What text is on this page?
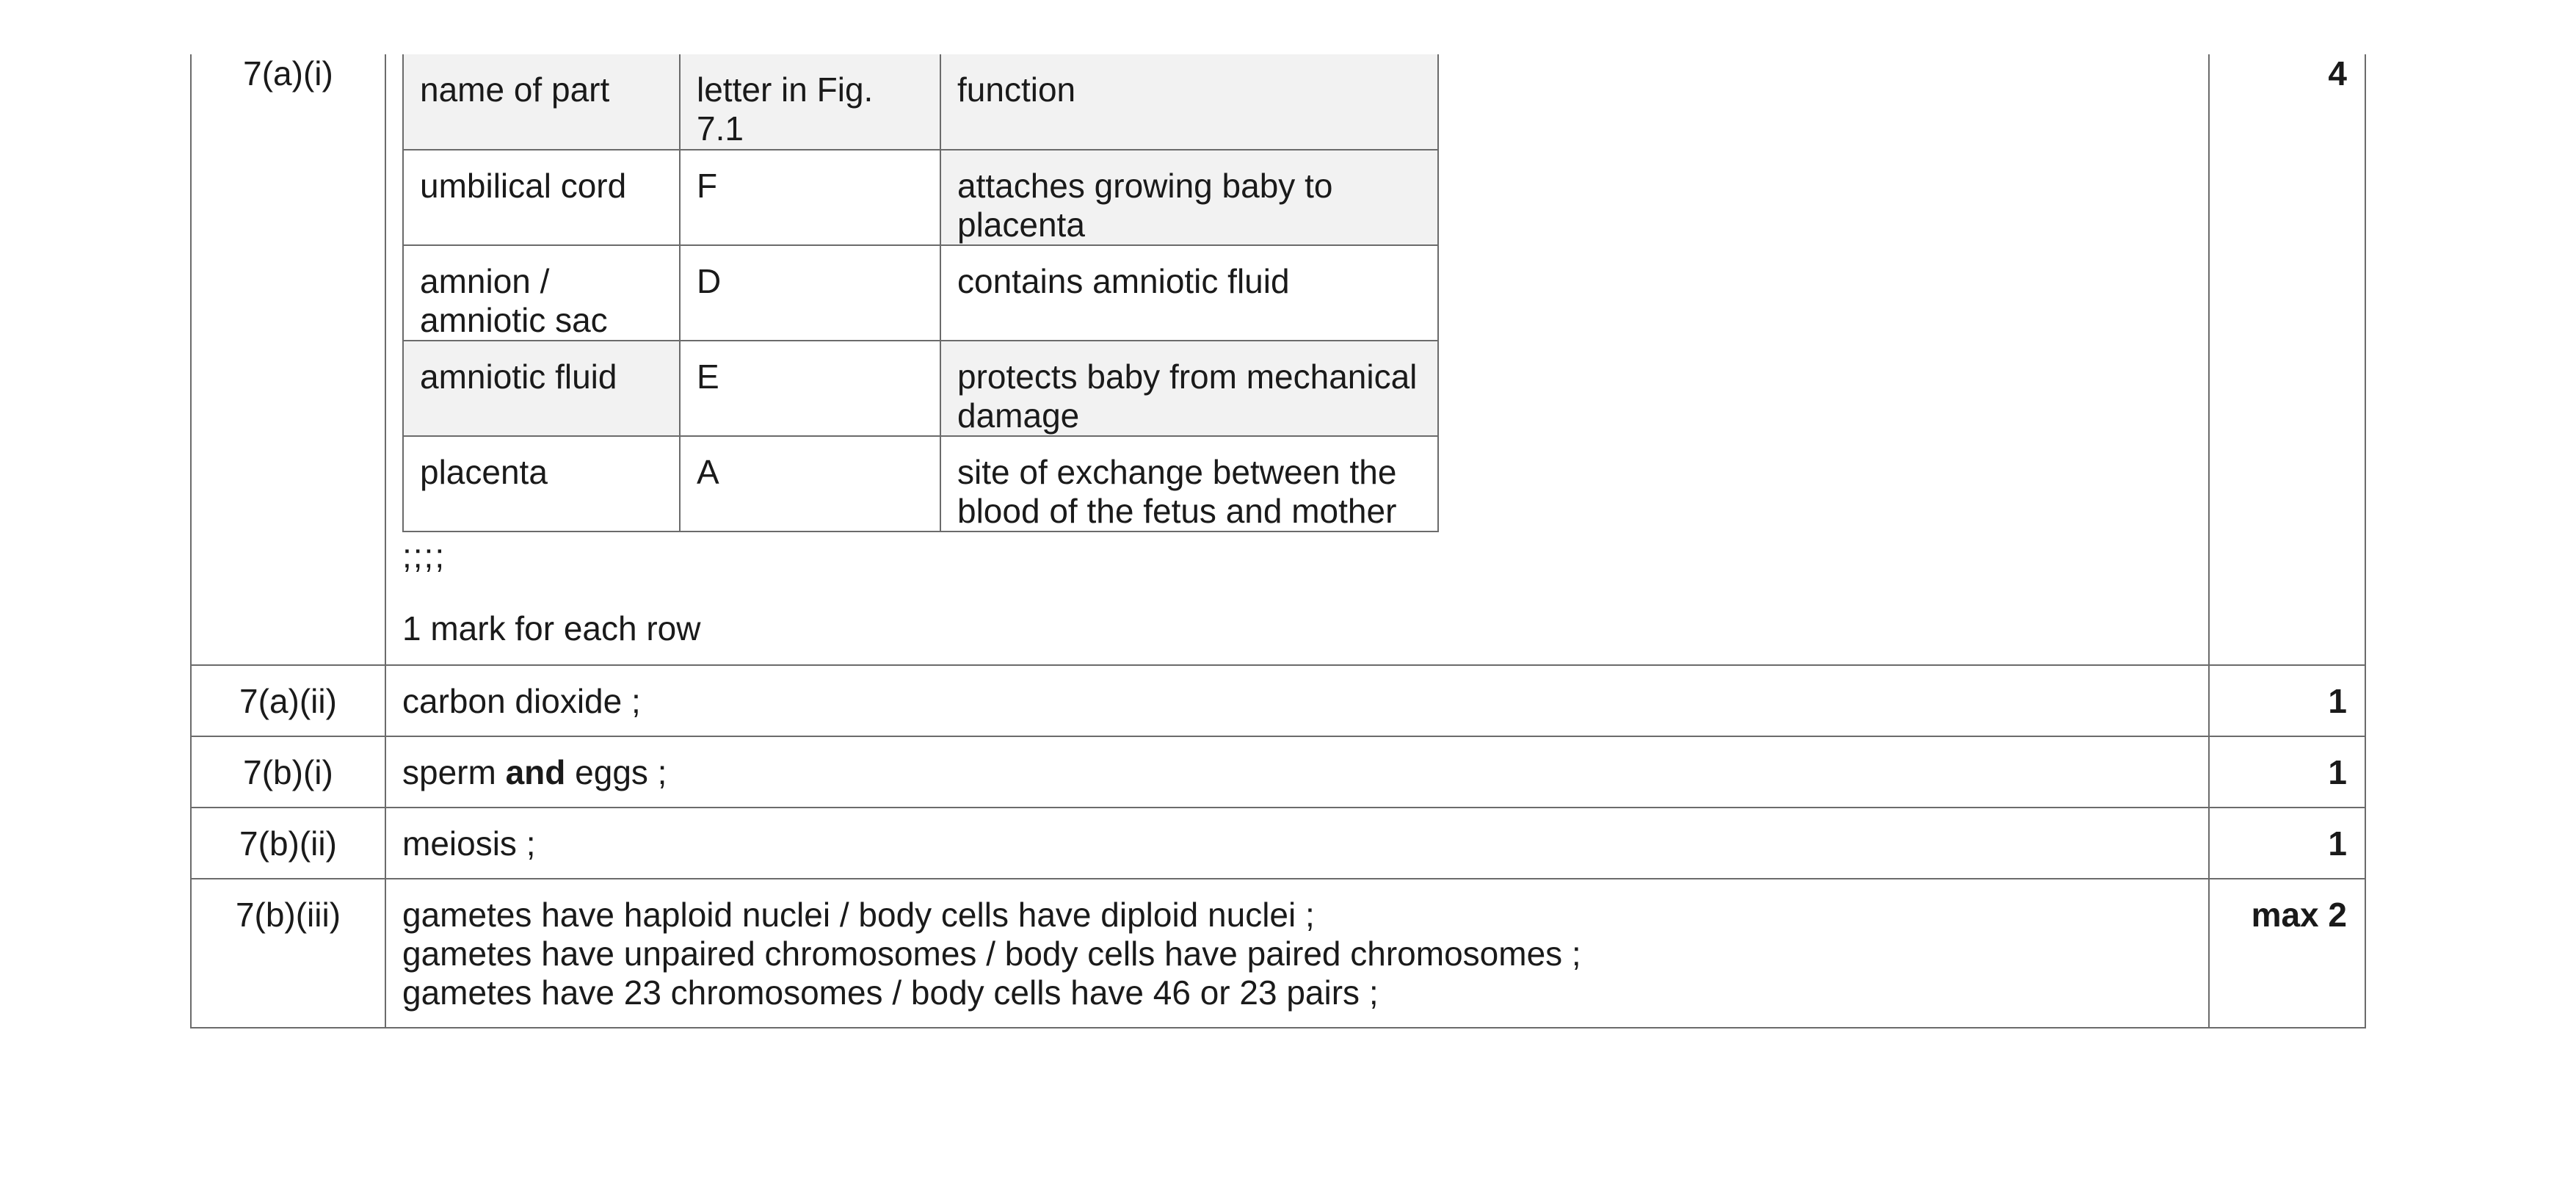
7(a)(i)		name of part	letter in Fig. 7.1	function
umbilical cord	F	attaches growing baby to placenta
amnion / amniotic sac	D	contains amniotic fluid
amniotic fluid	E	protects baby from mechanical damage
placenta	A	site of exchange between the blood of the fetus and mother
;;;;
1 mark for each row
	4
7(a)(ii)	carbon dioxide ;	1
7(b)(i)	sperm and eggs ;	1
7(b)(ii)	meiosis ;	1
7(b)(iii)	gametes have haploid nuclei / body cells have diploid nuclei ;
gametes have unpaired chromosomes / body cells have paired chromosomes ;
gametes have 23 chromosomes / body cells have 46 or 23 pairs ;
	max 2
